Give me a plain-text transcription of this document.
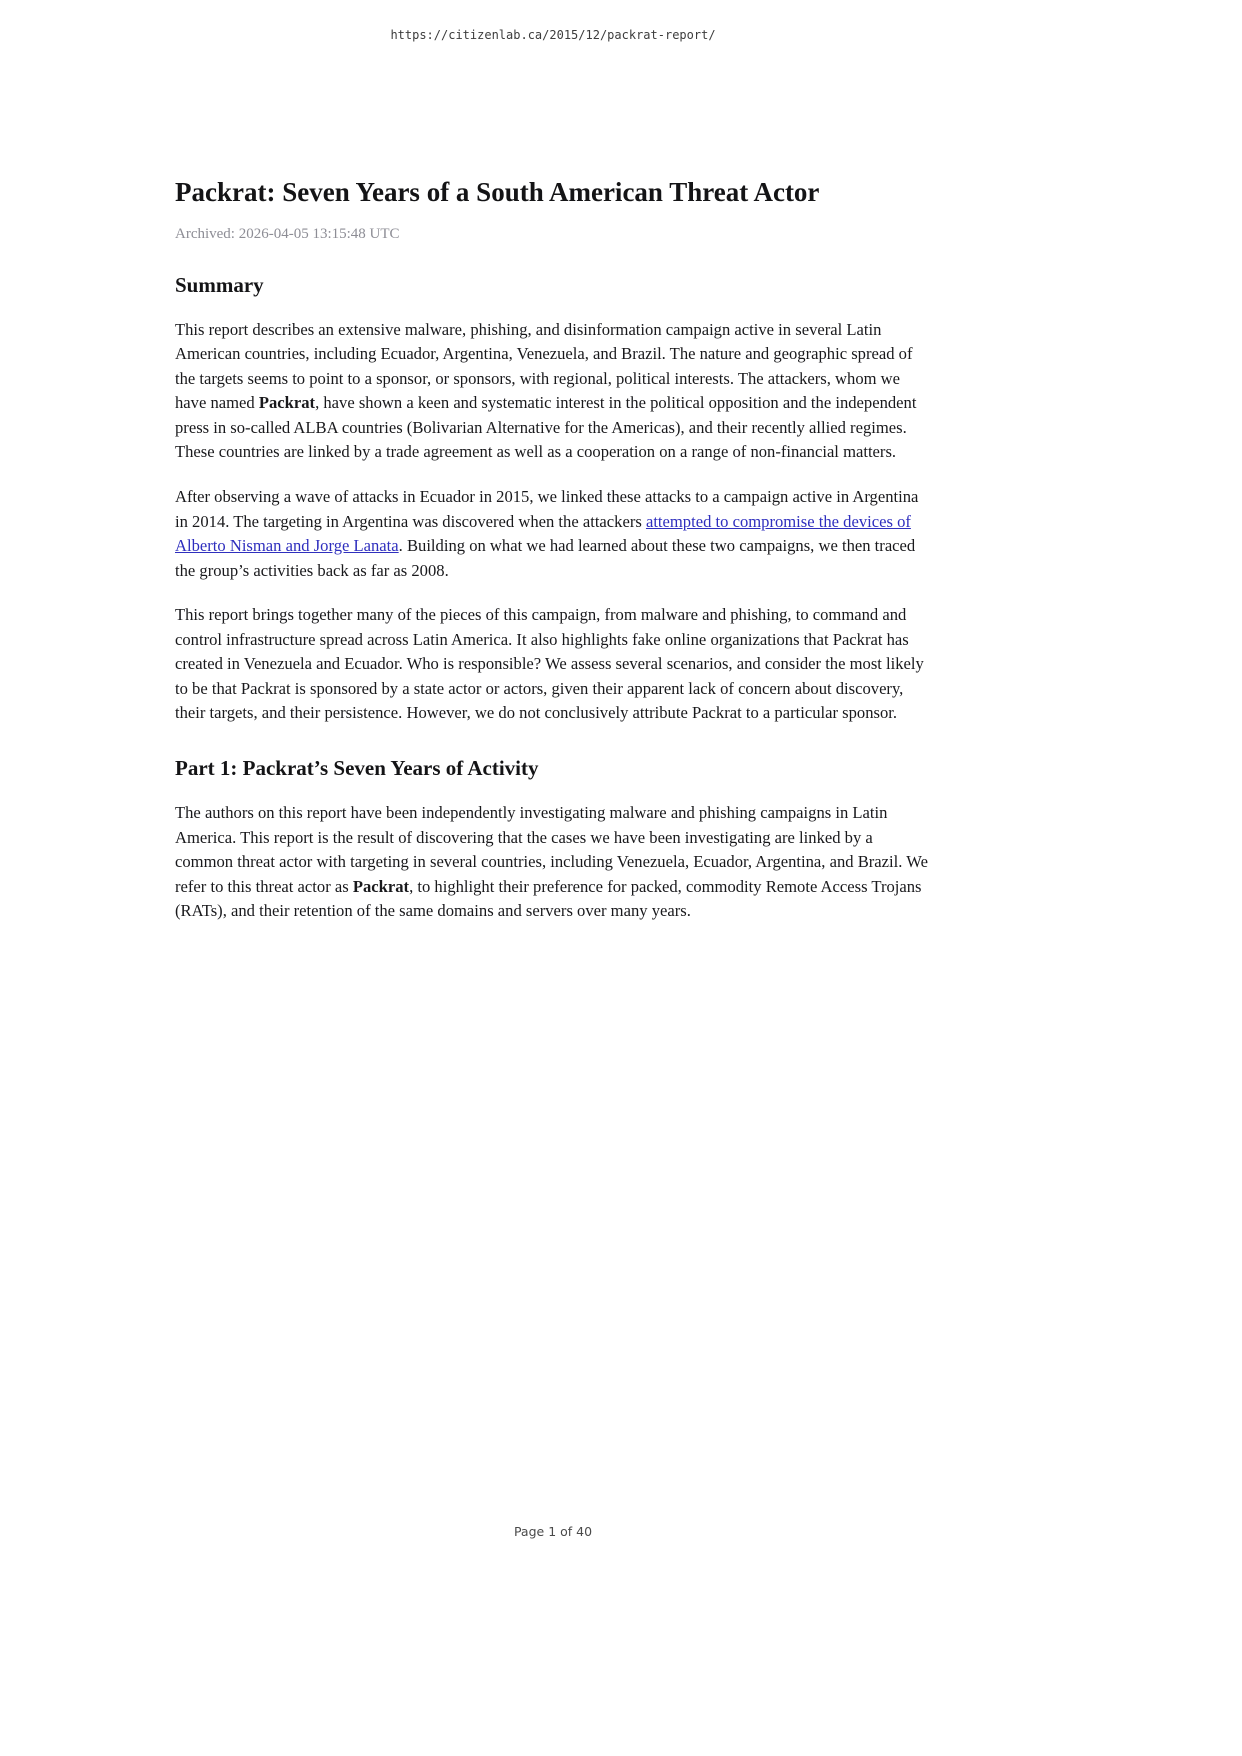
https://citizenlab.ca/2015/12/packrat-report/
Packrat: Seven Years of a South American Threat Actor
Archived: 2026-04-05 13:15:48 UTC
Summary

This report describes an extensive malware, phishing, and disinformation campaign active in several Latin American countries, including Ecuador, Argentina, Venezuela, and Brazil. The nature and geographic spread of the targets seems to point to a sponsor, or sponsors, with regional, political interests. The attackers, whom we have named Packrat, have shown a keen and systematic interest in the political opposition and the independent press in so-called ALBA countries (Bolivarian Alternative for the Americas), and their recently allied regimes. These countries are linked by a trade agreement as well as a cooperation on a range of non-financial matters.

After observing a wave of attacks in Ecuador in 2015, we linked these attacks to a campaign active in Argentina in 2014. The targeting in Argentina was discovered when the attackers attempted to compromise the devices of Alberto Nisman and Jorge Lanata. Building on what we had learned about these two campaigns, we then traced the group’s activities back as far as 2008.

This report brings together many of the pieces of this campaign, from malware and phishing, to command and control infrastructure spread across Latin America. It also highlights fake online organizations that Packrat has created in Venezuela and Ecuador. Who is responsible? We assess several scenarios, and consider the most likely to be that Packrat is sponsored by a state actor or actors, given their apparent lack of concern about discovery, their targets, and their persistence. However, we do not conclusively attribute Packrat to a particular sponsor.

Part 1: Packrat’s Seven Years of Activity

The authors on this report have been independently investigating malware and phishing campaigns in Latin America. This report is the result of discovering that the cases we have been investigating are linked by a common threat actor with targeting in several countries, including Venezuela, Ecuador, Argentina, and Brazil. We refer to this threat actor as Packrat, to highlight their preference for packed, commodity Remote Access Trojans (RATs), and their retention of the same domains and servers over many years.

Page 1 of 40
